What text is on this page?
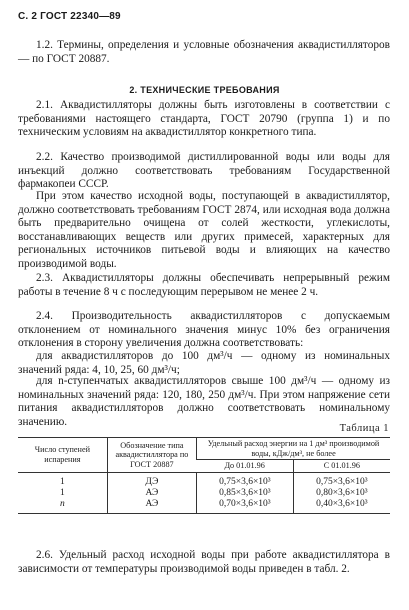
С. 2 ГОСТ 22340—89

1.2. Термины, определения и условные обозначения аквадистилляторов — по ГОСТ 20887.

2. ТЕХНИЧЕСКИЕ ТРЕБОВАНИЯ

2.1. Аквадистилляторы должны быть изготовлены в соответствии с требованиями настоящего стандарта, ГОСТ 20790 (группа 1) и по техническим условиям на аквадистиллятор конкретного типа.

2.2. Качество производимой дистиллированной воды или воды для инъекций должно соответствовать требованиям Государственной фармакопеи СССР.

При этом качество исходной воды, поступающей в аквадистиллятор, должно соответствовать требованиям ГОСТ 2874, или исходная вода должна быть предварительно очищена от солей жесткости, углекислоты, восстанавливающих веществ или других примесей, характерных для региональных источников питьевой воды и влияющих на качество производимой воды.

2.3. Аквадистилляторы должны обеспечивать непрерывный режим работы в течение 8 ч с последующим перерывом не менее 2 ч.

2.4. Производительность аквадистилляторов с допускаемым отклонением от номинального значения минус 10% без ограничения отклонения в сторону увеличения должна соответствовать:

для аквадистилляторов до 100 дм³/ч — одному из номинальных значений ряда: 4, 10, 25, 60 дм³/ч;

для n-ступенчатых аквадистилляторов свыше 100 дм³/ч — одному из номинальных значений ряда: 120, 180, 250 дм³/ч. При этом напряжение сети питания аквадистилляторов должно соответствовать номинальному значению.

Таблица 1
Число ступеней испарения	Обозначение типа аквадистиллятора по ГОСТ 20887	Удельный расход энергии на 1 дм³ производимой воды, кДж/дм³, не более	
		До 01.01.96	С 01.01.96
1	ДЭ	0,75×3,6×10³	0,75×3,6×10³
1	АЭ	0,85×3,6×10³	0,80×3,6×10³
n	АЭ	0,70×3,6×10³	0,40×3,6×10³

2.6. Удельный расход исходной воды при работе аквадистиллятора в зависимости от температуры производимой воды приведен в табл. 2.
